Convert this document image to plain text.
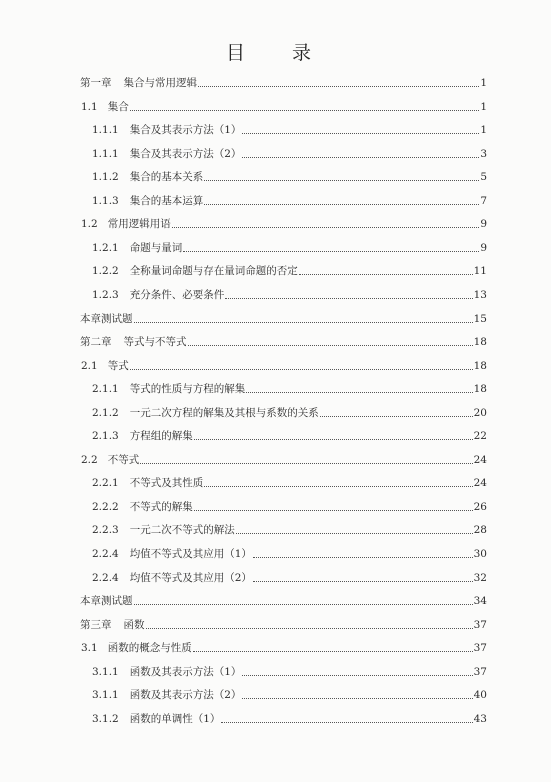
目　录
第一章	集合与常用逻辑	1
1.1 集合	1
1.1.1	集合及其表示方法（1）	1
1.1.1	集合及其表示方法（2）	3
1.1.2	集合的基本关系	5
1.1.3	集合的基本运算	7
1.2 常用逻辑用语	9
1.2.1	命题与量词	9
1.2.2	全称量词命题与存在量词命题的否定	11
1.2.3	充分条件、必要条件	13
本章测试题	15
第二章	等式与不等式	18
2.1 等式	18
2.1.1	等式的性质与方程的解集	18
2.1.2	一元二次方程的解集及其根与系数的关系	20
2.1.3	方程组的解集	22
2.2 不等式	24
2.2.1	不等式及其性质	24
2.2.2	不等式的解集	26
2.2.3	一元二次不等式的解法	28
2.2.4	均值不等式及其应用（1）	30
2.2.4	均值不等式及其应用（2）	32
本章测试题	34
第三章	函数	37
3.1 函数的概念与性质	37
3.1.1	函数及其表示方法（1）	37
3.1.1	函数及其表示方法（2）	40
3.1.2	函数的单调性（1）	43
